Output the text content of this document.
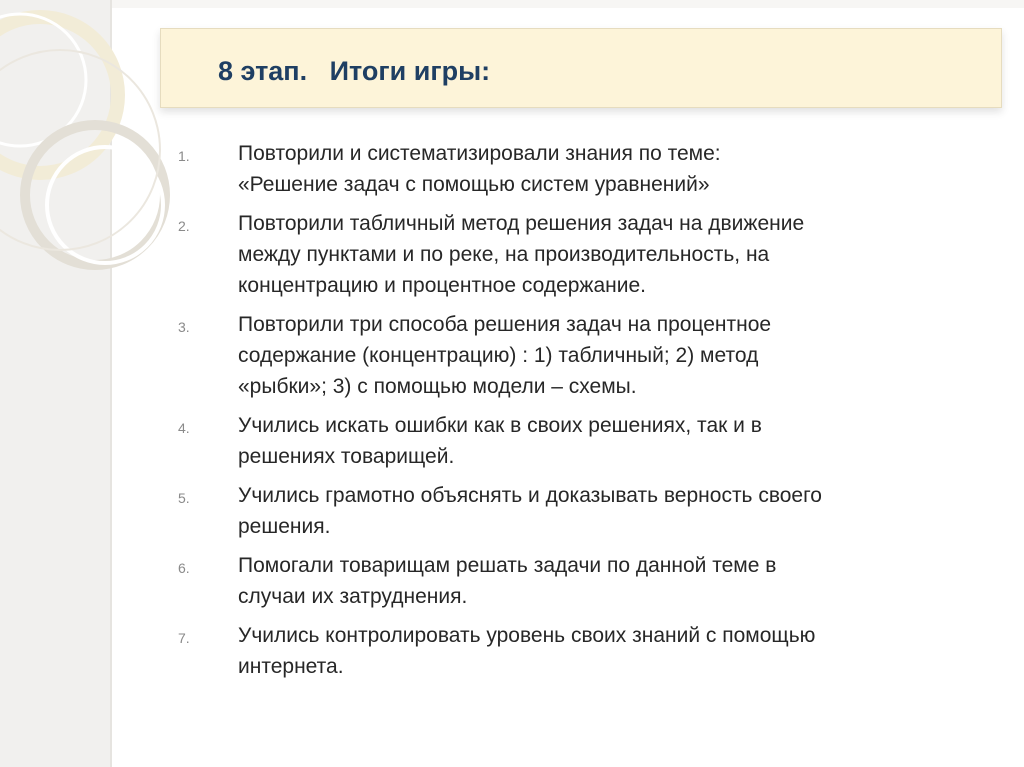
8 этап.   Итоги игры:
1. Повторили и систематизировали знания по теме:
«Решение задач с помощью систем уравнений»
2. Повторили табличный метод решения задач на движение
между пунктами и по реке, на производительность, на
концентрацию и процентное содержание.
3. Повторили три способа решения задач на процентное
содержание (концентрацию) : 1) табличный; 2) метод
«рыбки»; 3) с помощью модели – схемы.
4. Учились искать ошибки как в своих решениях, так и в
решениях товарищей.
5. Учились грамотно объяснять и доказывать верность своего
решения.
6. Помогали товарищам решать задачи по данной теме в
случаи их затруднения.
7. Учились контролировать уровень своих знаний с помощью
интернета.
